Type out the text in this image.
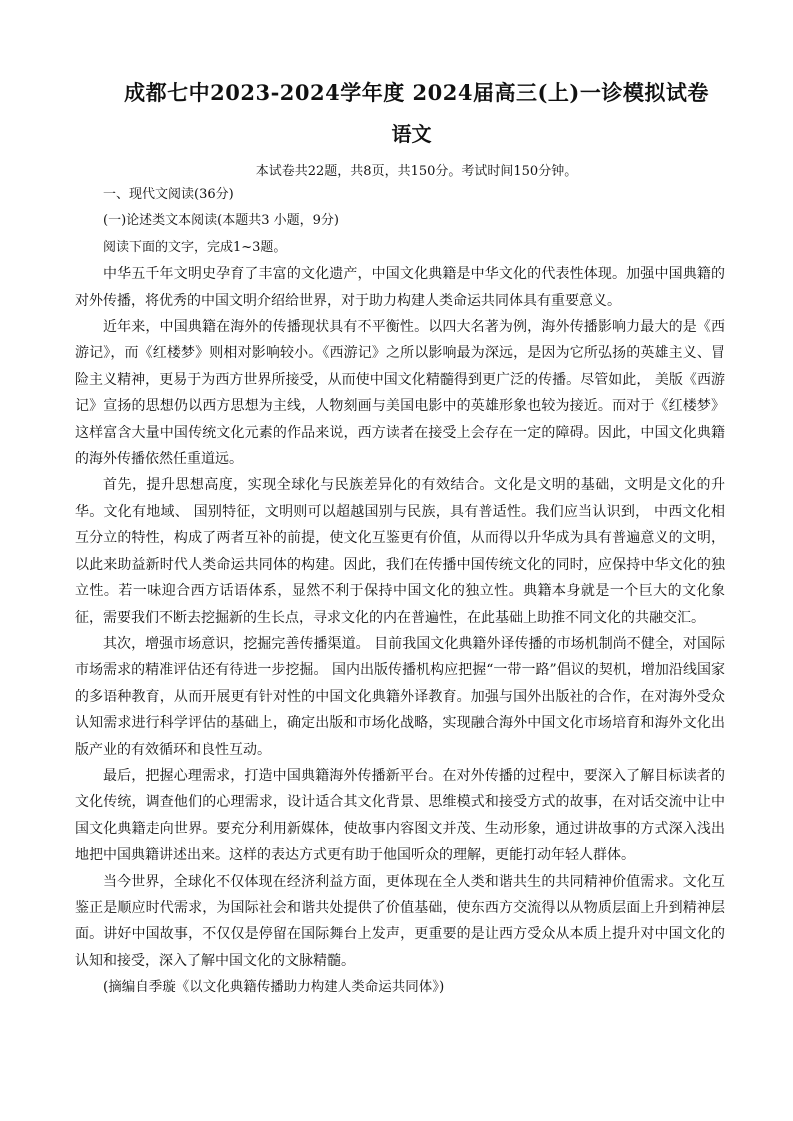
成都七中2023-2024学年度 2024届高三(上)一诊模拟试卷
语文
本试卷共22题，共8页，共150分。考试时间150分钟。

一、现代文阅读(36分)

(一)论述类文本阅读(本题共3 小题，9分)

阅读下面的文字，完成1~3题。

中华五千年文明史孕育了丰富的文化遗产，中国文化典籍是中华文化的代表性体现。加强中国典籍的对外传播，将优秀的中国文明介绍给世界，对于助力构建人类命运共同体具有重要意义。

近年来，中国典籍在海外的传播现状具有不平衡性。以四大名著为例，海外传播影响力最大的是《西游记》，而《红楼梦》则相对影响较小。《西游记》之所以影响最为深远，是因为它所弘扬的英雄主义、冒险主义精神，更易于为西方世界所接受，从而使中国文化精髓得到更广泛的传播。尽管如此， 美版《西游记》宣扬的思想仍以西方思想为主线，人物刻画与美国电影中的英雄形象也较为接近。而对于《红楼梦》这样富含大量中国传统文化元素的作品来说，西方读者在接受上会存在一定的障碍。因此，中国文化典籍的海外传播依然任重道远。

首先，提升思想高度，实现全球化与民族差异化的有效结合。文化是文明的基础，文明是文化的升华。文化有地域、 国别特征，文明则可以超越国别与民族，具有普适性。我们应当认识到， 中西文化相互分立的特性，构成了两者互补的前提，使文化互鉴更有价值，从而得以升华成为具有普遍意义的文明，以此来助益新时代人类命运共同体的构建。因此，我们在传播中国传统文化的同时，应保持中华文化的独立性。若一味迎合西方话语体系，显然不利于保持中国文化的独立性。典籍本身就是一个巨大的文化象征，需要我们不断去挖掘新的生长点，寻求文化的内在普遍性，在此基础上助推不同文化的共融交汇。

其次，增强市场意识，挖掘完善传播渠道。 目前我国文化典籍外译传播的市场机制尚不健全，对国际市场需求的精准评估还有待进一步挖掘。 国内出版传播机构应把握“一带一路”倡议的契机，增加沿线国家的多语种教育，从而开展更有针对性的中国文化典籍外译教育。加强与国外出版社的合作，在对海外受众认知需求进行科学评估的基础上，确定出版和市场化战略，实现融合海外中国文化市场培育和海外文化出版产业的有效循环和良性互动。

最后，把握心理需求，打造中国典籍海外传播新平台。在对外传播的过程中，要深入了解目标读者的文化传统，调查他们的心理需求，设计适合其文化背景、思维模式和接受方式的故事，在对话交流中让中国文化典籍走向世界。要充分利用新媒体，使故事内容图文并茂、生动形象，通过讲故事的方式深入浅出地把中国典籍讲述出来。这样的表达方式更有助于他国听众的理解，更能打动年轻人群体。

当今世界，全球化不仅体现在经济利益方面，更体现在全人类和谐共生的共同精神价值需求。文化互鉴正是顺应时代需求，为国际社会和谐共处提供了价值基础，使东西方交流得以从物质层面上升到精神层面。讲好中国故事，不仅仅是停留在国际舞台上发声，更重要的是让西方受众从本质上提升对中国文化的认知和接受，深入了解中国文化的文脉精髓。

(摘编自季璇《以文化典籍传播助力构建人类命运共同体》)
